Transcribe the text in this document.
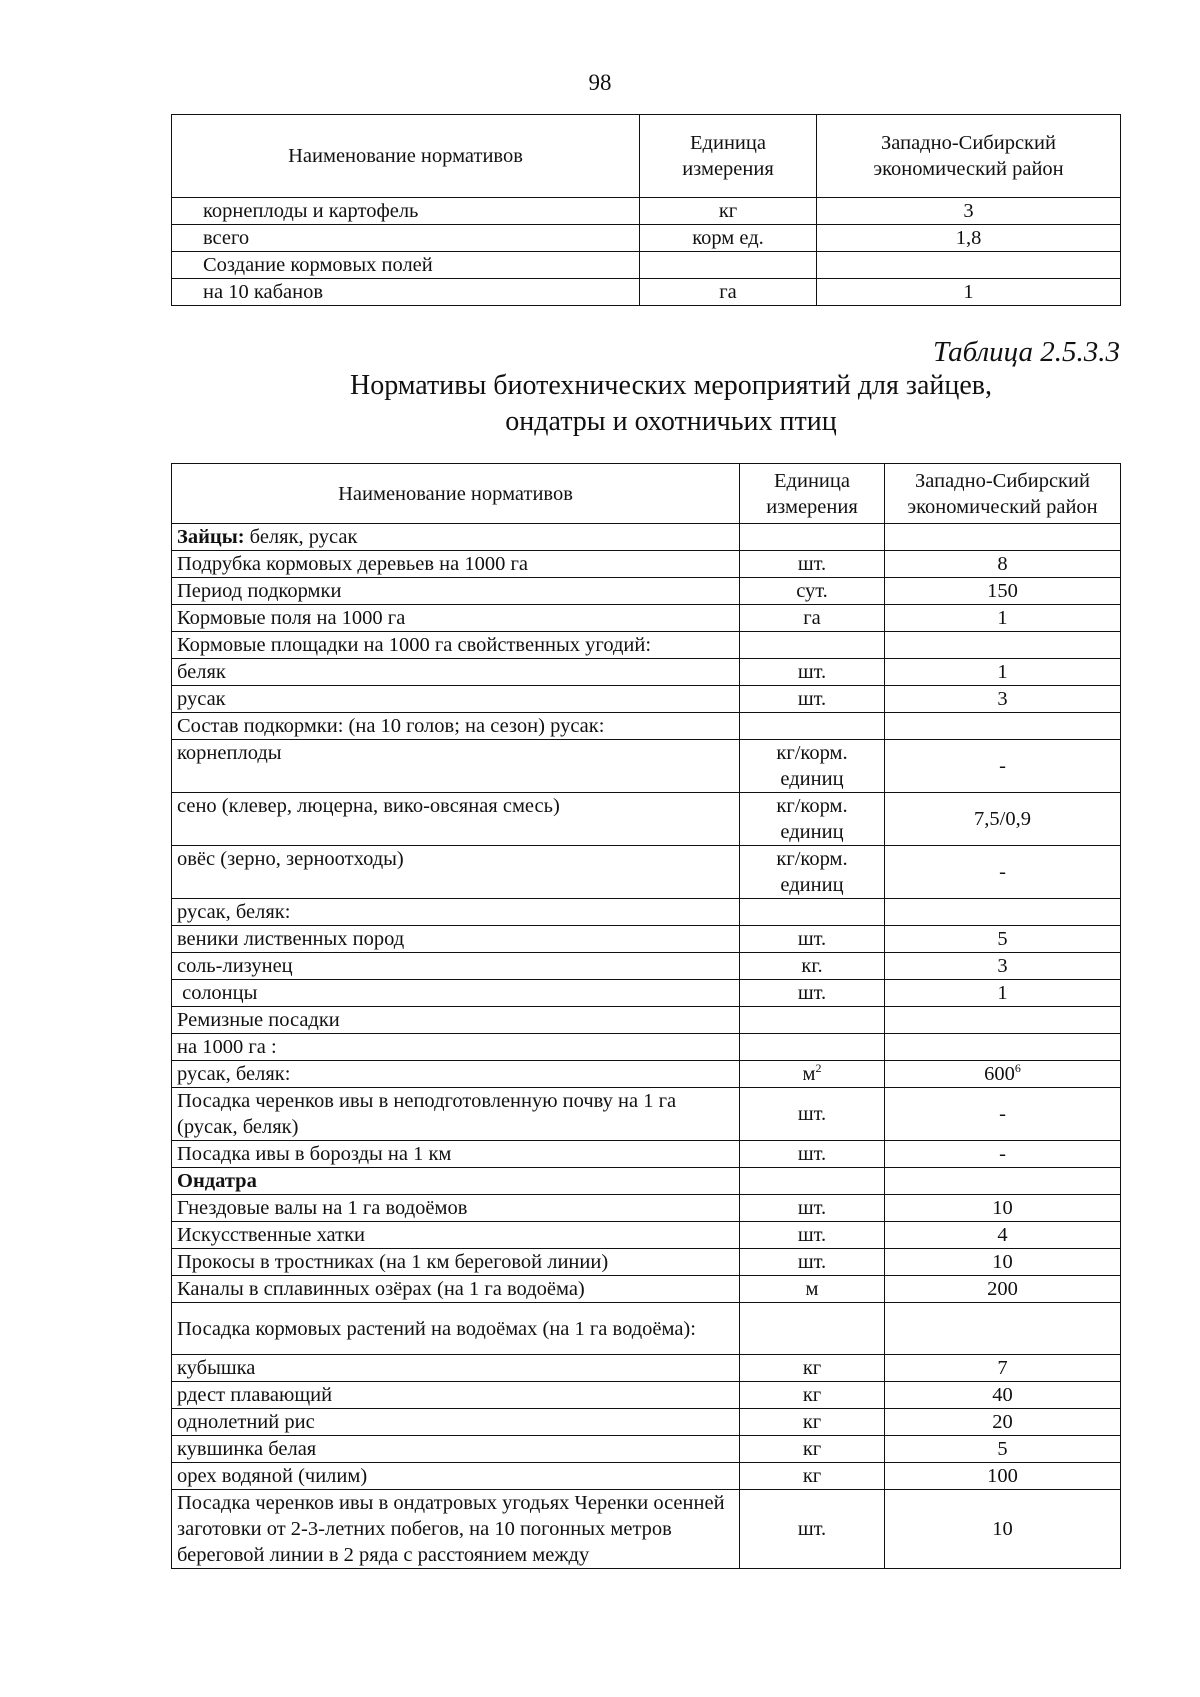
98
Наименование нормативов	Единица измерения	Западно-Сибирский экономический район
корнеплоды и картофель	кг	3
всего	корм ед.	1,8
Создание кормовых полей		
на 10 кабанов	га	1
Таблица 2.5.3.3
Нормативы биотехнических мероприятий для зайцев,
ондатры и охотничьих птиц
Наименование нормативов	Единица измерения	Западно-Сибирский экономический район
Зайцы: беляк, русак		
Подрубка кормовых деревьев на 1000 га	шт.	8
Период подкормки	сут.	150
Кормовые поля на 1000 га	га	1
Кормовые площадки на 1000 га свойственных угодий:		
беляк	шт.	1
русак	шт.	3
Состав подкормки: (на 10 голов; на сезон) русак:		
корнеплоды	кг/корм. единиц	-
сено (клевер, люцерна, вико-овсяная смесь)	кг/корм. единиц	7,5/0,9
овёс (зерно, зерноотходы)	кг/корм. единиц	-
русак, беляк:		
веники лиственных пород	шт.	5
соль-лизунец	кг.	3
солонцы	шт.	1
Ремизные посадки		
на 1000 га :		
русак, беляк:	$м^2$	$600^6$
Посадка черенков ивы в неподготовленную почву на 1 га (русак, беляк)	шт.	-
Посадка ивы в борозды на 1 км	шт.	-
Ондатра		
Гнездовые валы на 1 га водоёмов	шт.	10
Искусственные хатки	шт.	4
Прокосы в тростниках (на 1 км береговой линии)	шт.	10
Каналы в сплавинных озёрах (на 1 га водоёма)	м	200
Посадка кормовых растений на водоёмах (на 1 га водоёма):		
кубышка	кг	7
рдест плавающий	кг	40
однолетний рис	кг	20
кувшинка белая	кг	5
орех водяной (чилим)	кг	100
Посадка черенков ивы в ондатровых угодьях Черенки осенней заготовки от 2-3-летних побегов, на 10 погонных метров береговой линии в 2 ряда с расстоянием между	шт.	10
